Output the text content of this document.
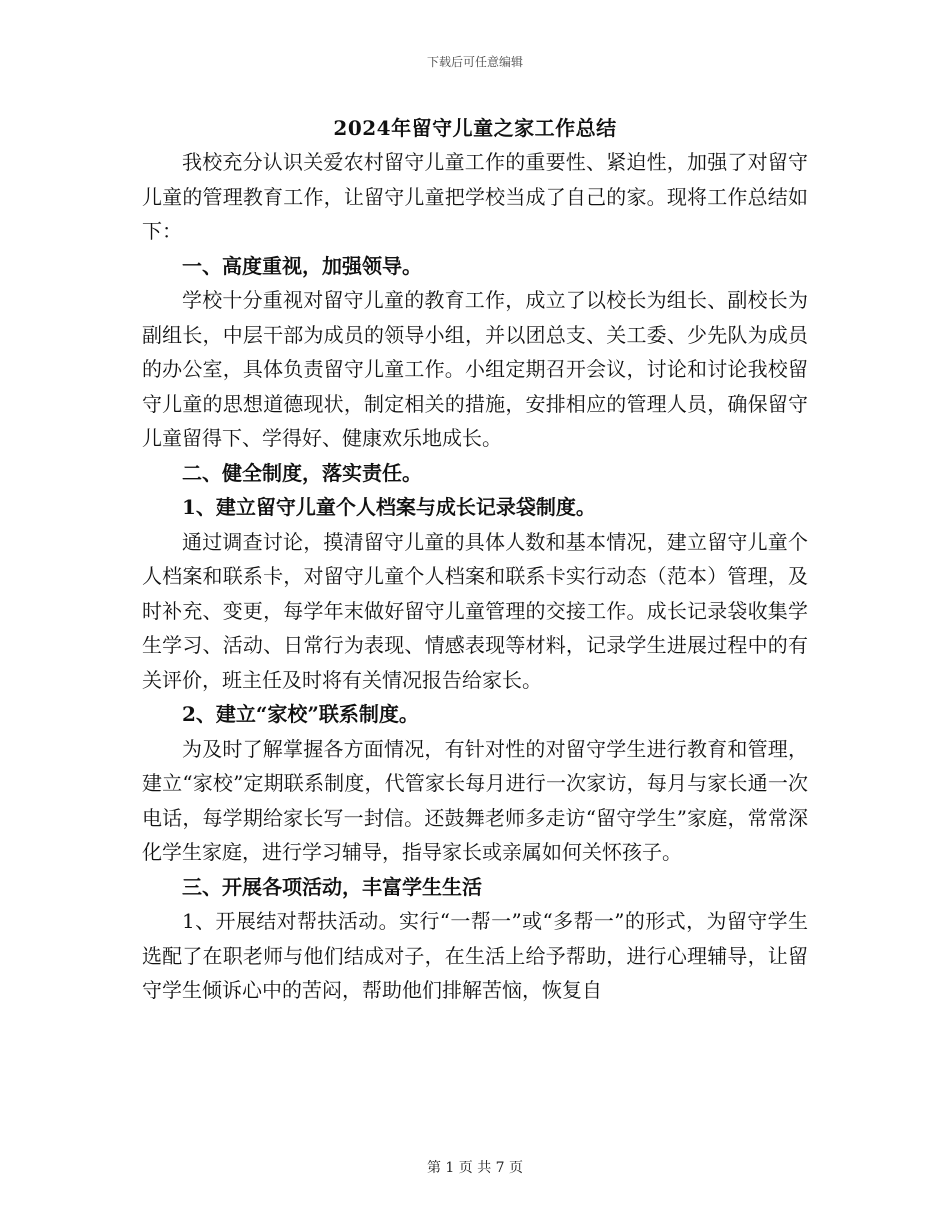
下载后可任意编辑
2024年留守儿童之家工作总结

我校充分认识关爱农村留守儿童工作的重要性、紧迫性，加强了对留守儿童的管理教育工作，让留守儿童把学校当成了自己的家。现将工作总结如下：

一、高度重视，加强领导。

学校十分重视对留守儿童的教育工作，成立了以校长为组长、副校长为副组长，中层干部为成员的领导小组，并以团总支、关工委、少先队为成员的办公室，具体负责留守儿童工作。小组定期召开会议，讨论和讨论我校留守儿童的思想道德现状，制定相关的措施，安排相应的管理人员，确保留守儿童留得下、学得好、健康欢乐地成长。

二、健全制度，落实责任。

1、建立留守儿童个人档案与成长记录袋制度。

通过调查讨论，摸清留守儿童的具体人数和基本情况，建立留守儿童个人档案和联系卡，对留守儿童个人档案和联系卡实行动态（范本）管理，及时补充、变更，每学年末做好留守儿童管理的交接工作。成长记录袋收集学生学习、活动、日常行为表现、情感表现等材料，记录学生进展过程中的有关评价，班主任及时将有关情况报告给家长。

2、建立“家校”联系制度。

为及时了解掌握各方面情况，有针对性的对留守学生进行教育和管理，建立“家校”定期联系制度，代管家长每月进行一次家访，每月与家长通一次电话，每学期给家长写一封信。还鼓舞老师多走访“留守学生”家庭，常常深化学生家庭，进行学习辅导，指导家长或亲属如何关怀孩子。

三、开展各项活动，丰富学生生活

1、开展结对帮扶活动。实行“一帮一”或“多帮一”的形式，为留守学生选配了在职老师与他们结成对子，在生活上给予帮助，进行心理辅导，让留守学生倾诉心中的苦闷，帮助他们排解苦恼，恢复自

第 1 页 共 7 页
